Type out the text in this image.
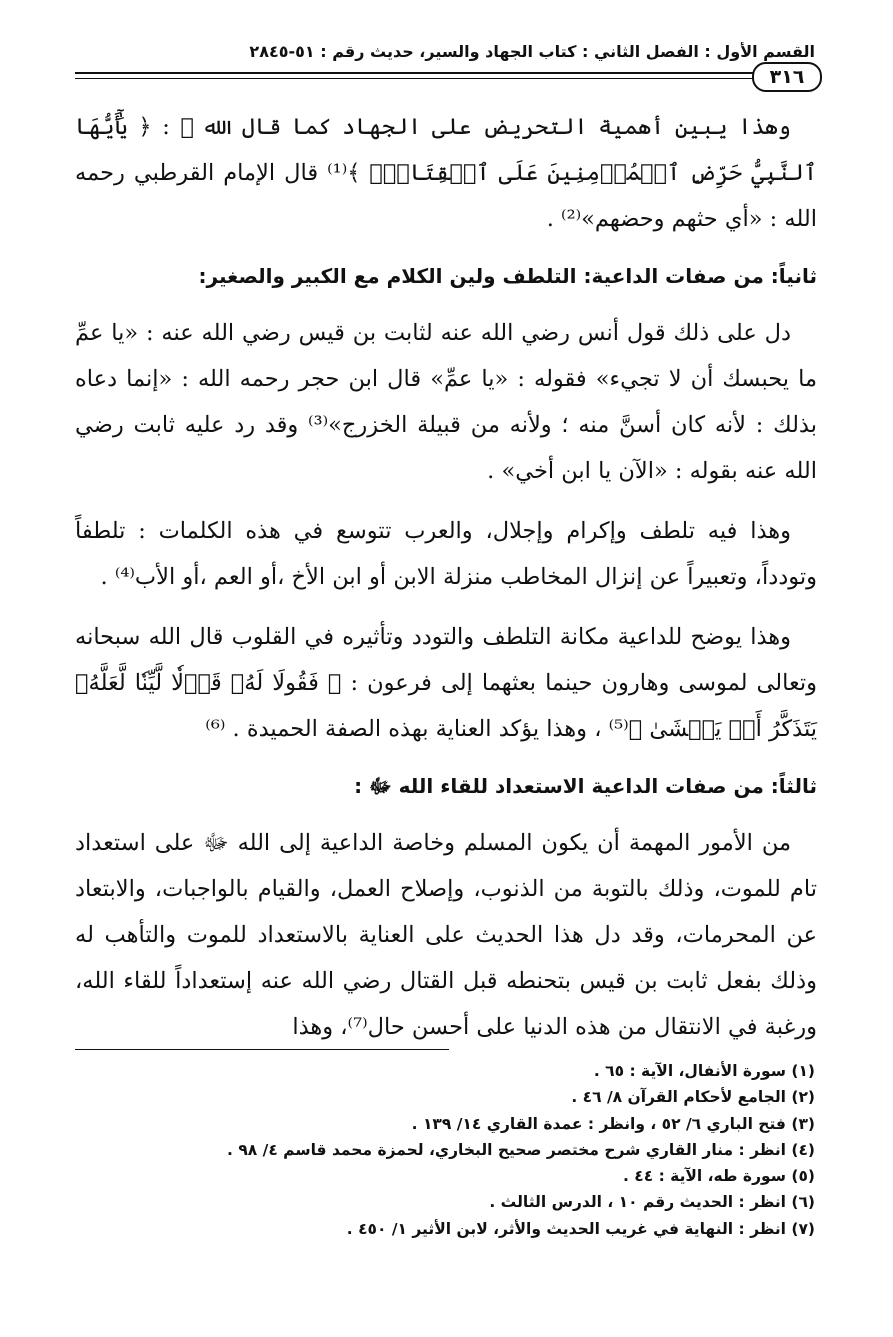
القسم الأول : الفصل الثاني : كتاب الجهاد والسير، حديث رقم : ٥١-٢٨٤٥
٣١٦

وهذا يبين أهمية التحريض على الجهاد كما قال الله ﷻ : ﴿ يَٰٓأَيُّهَا ٱلنَّبِيُّ حَرِّضِ ٱلۡمُؤۡمِنِينَ عَلَى ٱلۡقِتَالِۚ ﴾⁽¹⁾ قال الإمام القرطبي رحمه الله : «أي حثهم وحضهم»⁽²⁾ .

ثانياً: من صفات الداعية: التلطف ولين الكلام مع الكبير والصغير:

دل على ذلك قول أنس رضي الله عنه لثابت بن قيس رضي الله عنه : «يا عمِّ ما يحبسك أن لا تجيء» فقوله : «يا عمِّ» قال ابن حجر رحمه الله : «إنما دعاه بذلك : لأنه كان أسنَّ منه ؛ ولأنه من قبيلة الخزرج»⁽³⁾ وقد رد عليه ثابت رضي الله عنه بقوله : «الآن يا ابن أخي» .

وهذا فيه تلطف وإكرام وإجلال، والعرب تتوسع في هذه الكلمات : تلطفاً وتودداً، وتعبيراً عن إنزال المخاطب منزلة الابن أو ابن الأخ ،أو العم ،أو الأب⁽⁴⁾ .

وهذا يوضح للداعية مكانة التلطف والتودد وتأثيره في القلوب قال الله سبحانه وتعالى لموسى وهارون حينما بعثهما إلى فرعون : ﴿ فَقُولَا لَهُۥ قَوۡلٗا لَّيِّنٗا لَّعَلَّهُۥ يَتَذَكَّرُ أَوۡ يَخۡشَىٰ ﴾⁽⁵⁾ ، وهذا يؤكد العناية بهذه الصفة الحميدة . ⁽⁶⁾

ثالثاً: من صفات الداعية الاستعداد للقاء الله ﷻ :

من الأمور المهمة أن يكون المسلم وخاصة الداعية إلى الله ﷻ على استعداد تام للموت، وذلك بالتوبة من الذنوب، وإصلاح العمل، والقيام بالواجبات، والابتعاد عن المحرمات، وقد دل هذا الحديث على العناية بالاستعداد للموت والتأهب له وذلك بفعل ثابت بن قيس بتحنطه قبل القتال رضي الله عنه إستعداداً للقاء الله، ورغبة في الانتقال من هذه الدنيا على أحسن حال⁽⁷⁾، وهذا

(١) سورة الأنفال، الآية : ٦٥ .
(٢) الجامع لأحكام القرآن ٨/ ٤٦ .
(٣) فتح الباري ٦/ ٥٢ ، وانظر : عمدة القاري ١٤/ ١٣٩ .
(٤) انظر : منار القاري شرح مختصر صحيح البخاري، لحمزة محمد قاسم ٤/ ٩٨ .
(٥) سورة طه، الآية : ٤٤ .
(٦) انظر : الحديث رقم ١٠ ، الدرس الثالث .
(٧) انظر : النهاية في غريب الحديث والأثر، لابن الأثير ١/ ٤٥٠ .
